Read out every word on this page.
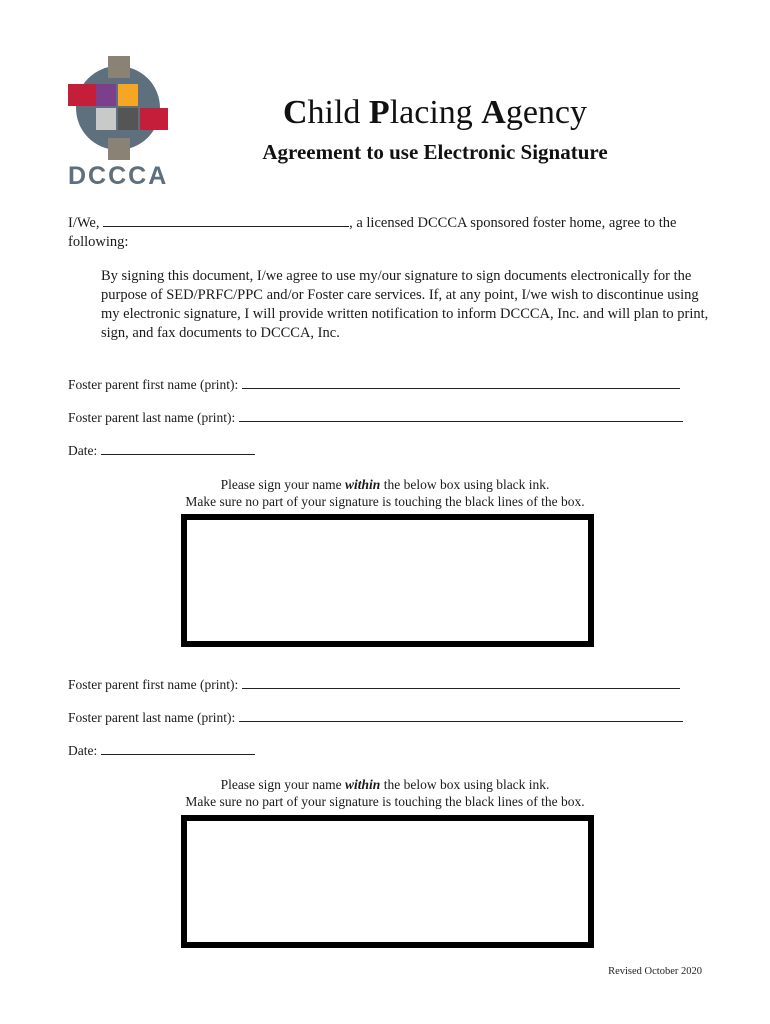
DCCCA
Child Placing Agency
Agreement to use Electronic Signature
I/We,	, a licensed DCCCA sponsored foster home, agree to the following:
By signing this document, I/we agree to use my/our signature to sign documents electronically for the purpose of SED/PRFC/PPC and/or Foster care services. If, at any point, I/we wish to discontinue using my electronic signature, I will provide written notification to inform DCCCA, Inc. and will plan to print, sign, and fax documents to DCCCA, Inc.
Foster parent first name (print):
Foster parent last name (print):
Date:
Please sign your name within the below box using black ink.
Make sure no part of your signature is touching the black lines of the box.
Foster parent first name (print):
Foster parent last name (print):
Date:
Please sign your name within the below box using black ink.
Make sure no part of your signature is touching the black lines of the box.
Revised October 2020
